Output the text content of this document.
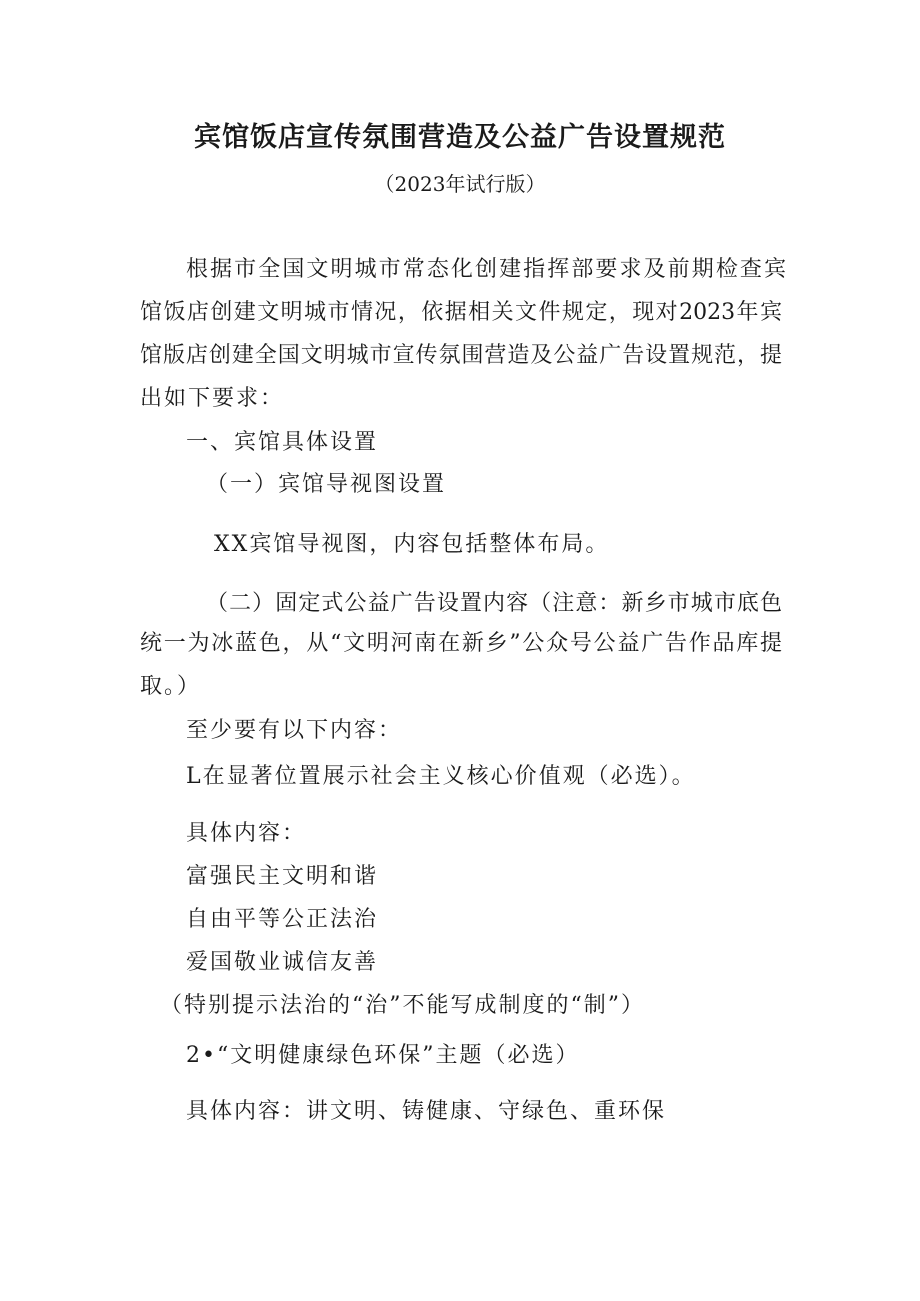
宾馆饭店宣传氛围营造及公益广告设置规范

（2023年试行版）

根据市全国文明城市常态化创建指挥部要求及前期检查宾

馆饭店创建文明城市情况，依据相关文件规定，现对2023年宾

馆版店创建全国文明城市宣传氛围营造及公益广告设置规范，提

出如下要求：

一、宾馆具体设置

（一）宾馆导视图设置

XX宾馆导视图，内容包括整体布局。

（二）固定式公益广告设置内容（注意：新乡市城市底色

统一为冰蓝色，从“文明河南在新乡”公众号公益广告作品库提

取。）

至少要有以下内容：

L在显著位置展示社会主义核心价值观（必选）。

具体内容：

富强民主文明和谐

自由平等公正法治

爱国敬业诚信友善

（特别提示法治的“治”不能写成制度的“制”）

2•“文明健康绿色环保”主题（必选）

具体内容：讲文明、铸健康、守绿色、重环保
